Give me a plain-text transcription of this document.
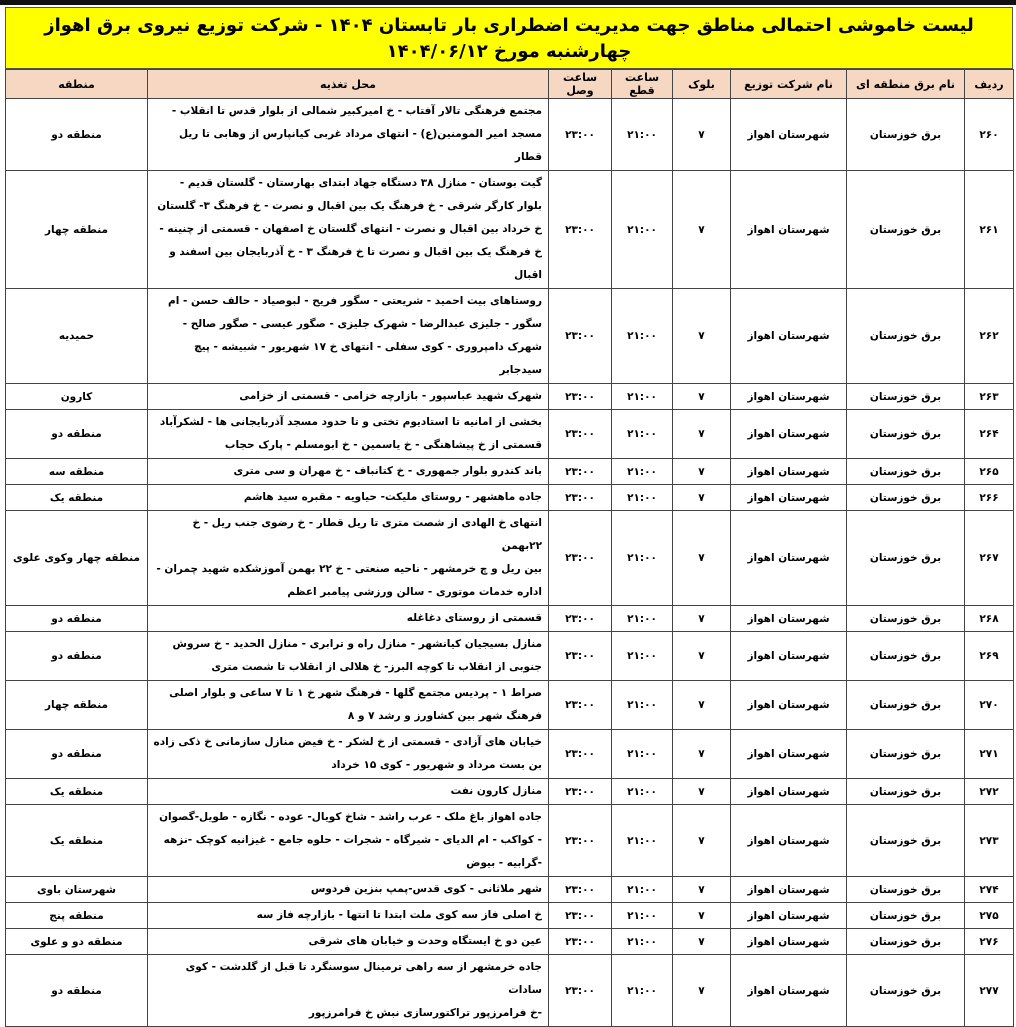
لیست خاموشی احتمالی مناطق جهت مدیریت اضطراری بار تابستان ۱۴۰۴ - شرکت توزیع نیروی برق اهواز
چهارشنبه مورخ ۱۴۰۴/۰۶/۱۲
ردیف	نام برق منطقه ای	نام شرکت توزیع	بلوک	ساعت قطع	ساعت وصل	محل تغذیه	منطقه
۲۶۰	برق خوزستان	شهرستان اهواز	۷	۲۱:۰۰	۲۳:۰۰	مجتمع فرهنگی تالار آفتاب - خ امیرکبیر شمالی از بلوار قدس تا انقلاب -
مسجد امیر المومنین(ع) - انتهای مرداد غربی کیانپارس از وهابی تا ریل قطار	منطقه دو
۲۶۱	برق خوزستان	شهرستان اهواز	۷	۲۱:۰۰	۲۳:۰۰	گیت بوستان - منازل ۳۸ دستگاه جهاد ابتدای بهارستان - گلستان قدیم -
بلوار کارگر شرقی - خ فرهنگ یک بین اقبال و نصرت - خ فرهنگ ۳- گلستان
خ خرداد بین اقبال و نصرت - انتهای گلستان خ اصفهان - قسمتی از چنینه -
خ فرهنگ یک بین اقبال و نصرت تا خ فرهنگ ۳ - خ آذربایجان بین اسفند و اقبال	منطقه چهار
۲۶۲	برق خوزستان	شهرستان اهواز	۷	۲۱:۰۰	۲۳:۰۰	روستاهای بیت احمید - شریعتی - سگور فریح - لبوصیاد - حالف حسن - ام
سگور - جلیزی عبدالرضا - شهرک جلیزی - صگور عیسی - صگور صالح -
شهرک دامپروری - کوی سفلی - انتهای خ ۱۷ شهریور - شبیشه - پیچ
سیدجابر	حمیدیه
۲۶۳	برق خوزستان	شهرستان اهواز	۷	۲۱:۰۰	۲۳:۰۰	شهرک شهید عباسپور - بازارچه خزامی - قسمتی از خزامی	کارون
۲۶۴	برق خوزستان	شهرستان اهواز	۷	۲۱:۰۰	۲۳:۰۰	بخشی از امانیه تا استادیوم تختی و تا حدود مسجد آذربایجانی ها - لشکرآباد
قسمتی از خ پیشاهنگی - خ یاسمین - خ ابومسلم - پارک حجاب	منطقه دو
۲۶۵	برق خوزستان	شهرستان اهواز	۷	۲۱:۰۰	۲۳:۰۰	باند کندرو بلوار جمهوری - خ کتانباف - خ مهران و سی متری	منطقه سه
۲۶۶	برق خوزستان	شهرستان اهواز	۷	۲۱:۰۰	۲۳:۰۰	جاده ماهشهر - روستای ملیکت- حیاویه - مقبره سید هاشم	منطقه یک
۲۶۷	برق خوزستان	شهرستان اهواز	۷	۲۱:۰۰	۲۳:۰۰	انتهای خ الهادی از شصت متری تا ریل قطار - خ رضوی جنب ریل - خ ۲۲بهمن
بین ریل و چ خرمشهر - ناحیه صنعتی - خ ۲۲ بهمن آموزشکده شهید چمران -
اداره خدمات موتوری - سالن ورزشی پیامبر اعظم	منطقه چهار وکوی علوی
۲۶۸	برق خوزستان	شهرستان اهواز	۷	۲۱:۰۰	۲۳:۰۰	قسمتی از روستای دغاغله	منطقه دو
۲۶۹	برق خوزستان	شهرستان اهواز	۷	۲۱:۰۰	۲۳:۰۰	منازل بسیجیان کیانشهر - منازل راه و ترابری - منازل الحدید - خ سروش
جنوبی از انقلاب تا کوچه البرز- خ هلالی از انقلاب تا شصت متری	منطقه دو
۲۷۰	برق خوزستان	شهرستان اهواز	۷	۲۱:۰۰	۲۳:۰۰	صراط ۱ - پردیس مجتمع گلها - فرهنگ شهر خ ۱ تا ۷ ساعی و بلوار اصلی
فرهنگ شهر بین کشاورز و رشد ۷ و ۸	منطقه چهار
۲۷۱	برق خوزستان	شهرستان اهواز	۷	۲۱:۰۰	۲۳:۰۰	خیابان های آزادی - قسمتی از خ لشکر - خ فیض منازل سازمانی خ ذکی زاده
بن بست مرداد و شهریور - کوی ۱۵ خرداد	منطقه دو
۲۷۲	برق خوزستان	شهرستان اهواز	۷	۲۱:۰۰	۲۳:۰۰	منازل کارون نفت	منطقه یک
۲۷۳	برق خوزستان	شهرستان اهواز	۷	۲۱:۰۰	۲۳:۰۰	جاده اهواز باغ ملک - عرب راشد - شاخ کویال- عوده - نگازه - طویل-گصوان
- کواکب - ام الدیای - شیرگاه - شجرات - حلوه جامع - غیزانیه کوچک -نزهه
-گرابیه - بیوض	منطقه یک
۲۷۴	برق خوزستان	شهرستان اهواز	۷	۲۱:۰۰	۲۳:۰۰	شهر ملاثانی - کوی قدس-پمپ بنزین فردوس	شهرستان باوی
۲۷۵	برق خوزستان	شهرستان اهواز	۷	۲۱:۰۰	۲۳:۰۰	خ اصلی فاز سه کوی ملت ابتدا تا انتها - بازارچه فاز سه	منطقه پنج
۲۷۶	برق خوزستان	شهرستان اهواز	۷	۲۱:۰۰	۲۳:۰۰	عین دو خ ایستگاه وحدت و خیابان های شرقی	منطقه دو و علوی
۲۷۷	برق خوزستان	شهرستان اهواز	۷	۲۱:۰۰	۲۳:۰۰	جاده خرمشهر از سه راهی ترمینال سوسنگرد تا قبل از گلدشت - کوی سادات
-خ فرامرزپور تراکتورسازی نبش خ فرامرزپور	منطقه دو
